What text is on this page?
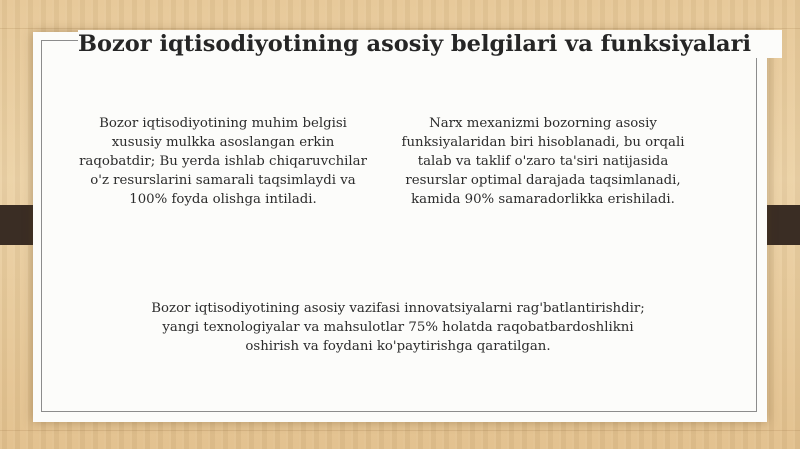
Bozor iqtisodiyotining asosiy belgilari va funksiyalari

Bozor iqtisodiyotining muhim belgisi xususiy mulkka asoslangan erkin raqobatdir; Bu yerda ishlab chiqaruvchilar o'z resurslarini samarali taqsimlaydi va 100% foyda olishga intiladi.

Narx mexanizmi bozorning asosiy funksiyalaridan biri hisoblanadi, bu orqali talab va taklif o'zaro ta'siri natijasida resurslar optimal darajada taqsimlanadi, kamida 90% samaradorlikka erishiladi.

Bozor iqtisodiyotining asosiy vazifasi innovatsiyalarni rag'batlantirishdir; yangi texnologiyalar va mahsulotlar 75% holatda raqobatbardoshlikni oshirish va foydani ko'paytirishga qaratilgan.
